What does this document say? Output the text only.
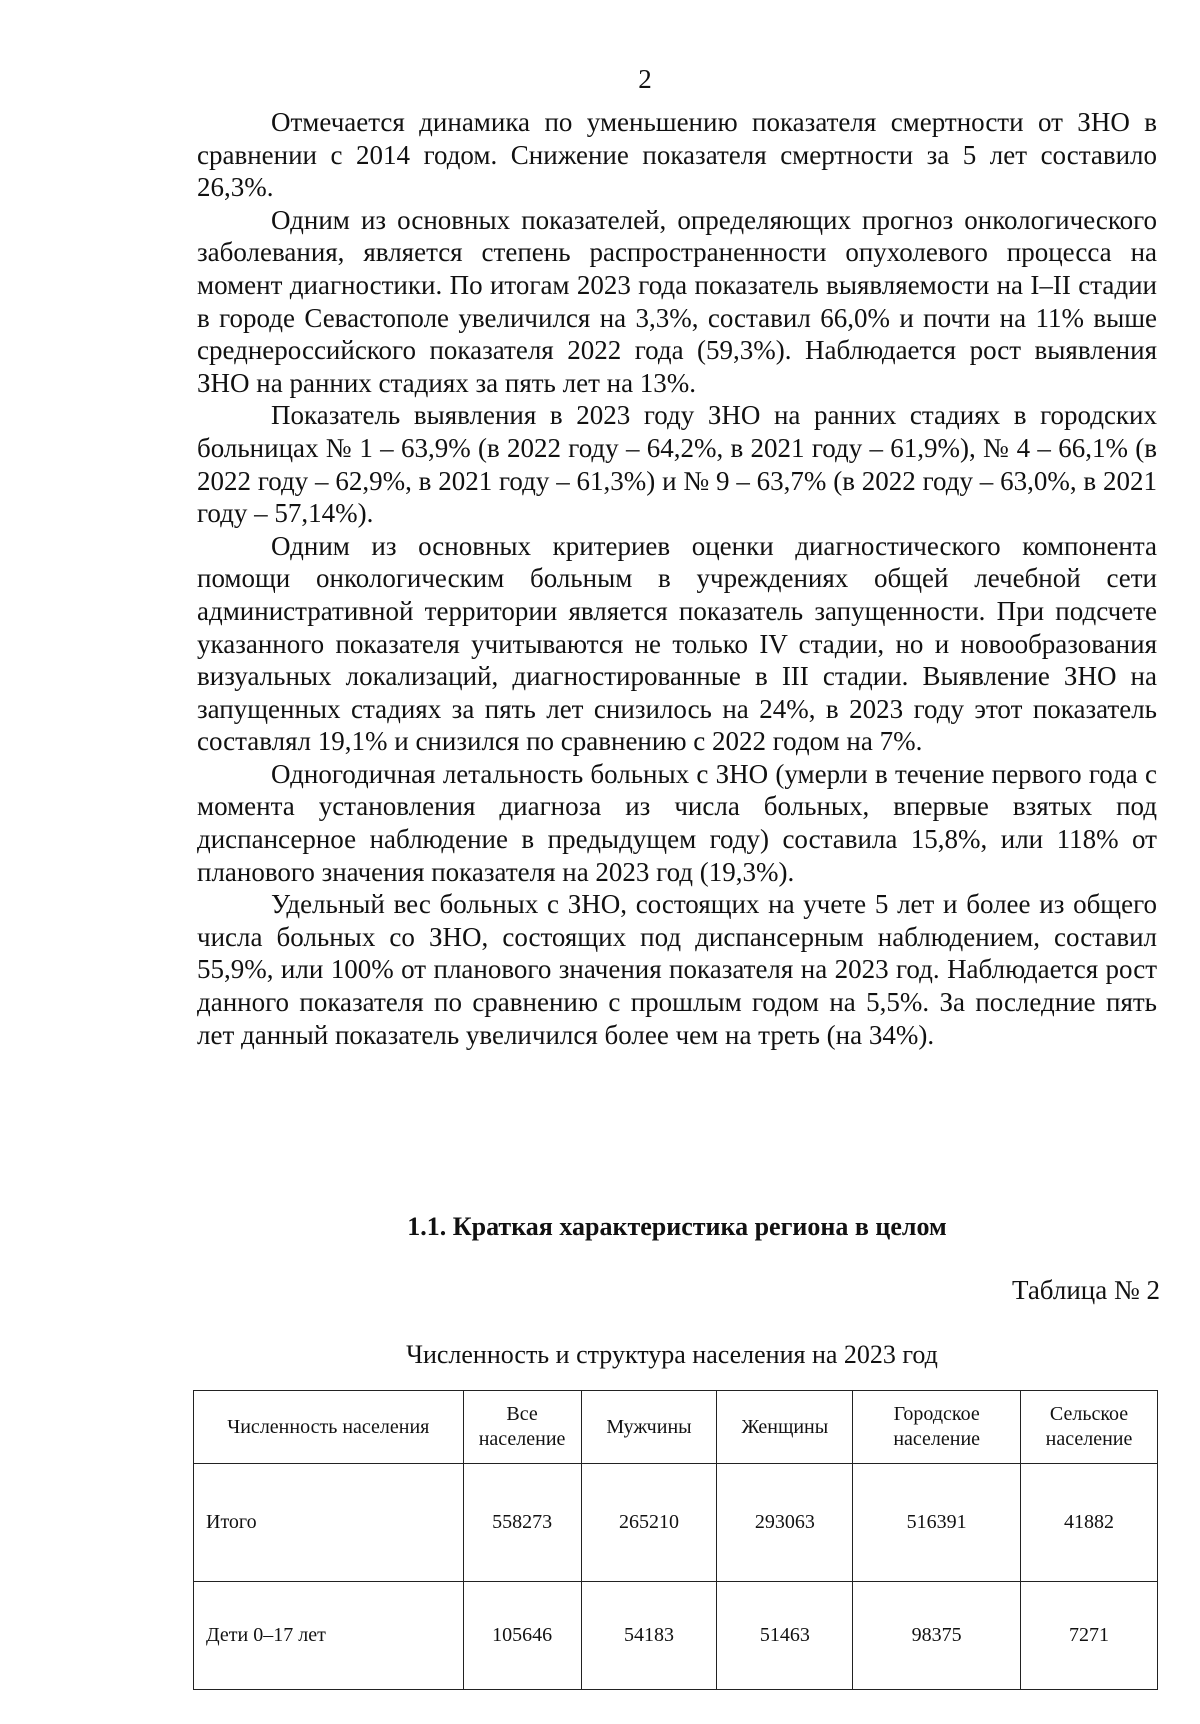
2

Отмечается динамика по уменьшению показателя смертности от ЗНО в сравнении с 2014 годом. Снижение показателя смертности за 5 лет составило 26,3%.

Одним из основных показателей, определяющих прогноз онкологического заболевания, является степень распространенности опухолевого процесса на момент диагностики. По итогам 2023 года показатель выявляемости на I–II стадии в городе Севастополе увеличился на 3,3%, составил 66,0% и почти на 11% выше среднероссийского показателя 2022 года (59,3%). Наблюдается рост выявления ЗНО на ранних стадиях за пять лет на 13%.

Показатель выявления в 2023 году ЗНО на ранних стадиях в городских больницах № 1 – 63,9% (в 2022 году – 64,2%, в 2021 году – 61,9%), № 4 – 66,1% (в 2022 году – 62,9%, в 2021 году – 61,3%) и № 9 – 63,7% (в 2022 году – 63,0%, в 2021 году – 57,14%).

Одним из основных критериев оценки диагностического компонента помощи онкологическим больным в учреждениях общей лечебной сети административной территории является показатель запущенности. При подсчете указанного показателя учитываются не только IV стадии, но и новообразования визуальных локализаций, диагностированные в III стадии. Выявление ЗНО на запущенных стадиях за пять лет снизилось на 24%, в 2023 году этот показатель составлял 19,1% и снизился по сравнению с 2022 годом на 7%.

Одногодичная летальность больных с ЗНО (умерли в течение первого года с момента установления диагноза из числа больных, впервые взятых под диспансерное наблюдение в предыдущем году) составила 15,8%, или 118% от планового значения показателя на 2023 год (19,3%).

Удельный вес больных с ЗНО, состоящих на учете 5 лет и более из общего числа больных со ЗНО, состоящих под диспансерным наблюдением, составил 55,9%, или 100% от планового значения показателя на 2023 год. Наблюдается рост данного показателя по сравнению с прошлым годом на 5,5%. За последние пять лет данный показатель увеличился более чем на треть (на 34%).

1.1. Краткая характеристика региона в целом
Таблица № 2
Численность и структура населения на 2023 год
Численность населения	Все население	Мужчины	Женщины	Городское население	Сельское население
Итого	558273	265210	293063	516391	41882
Дети 0–17 лет	105646	54183	51463	98375	7271
